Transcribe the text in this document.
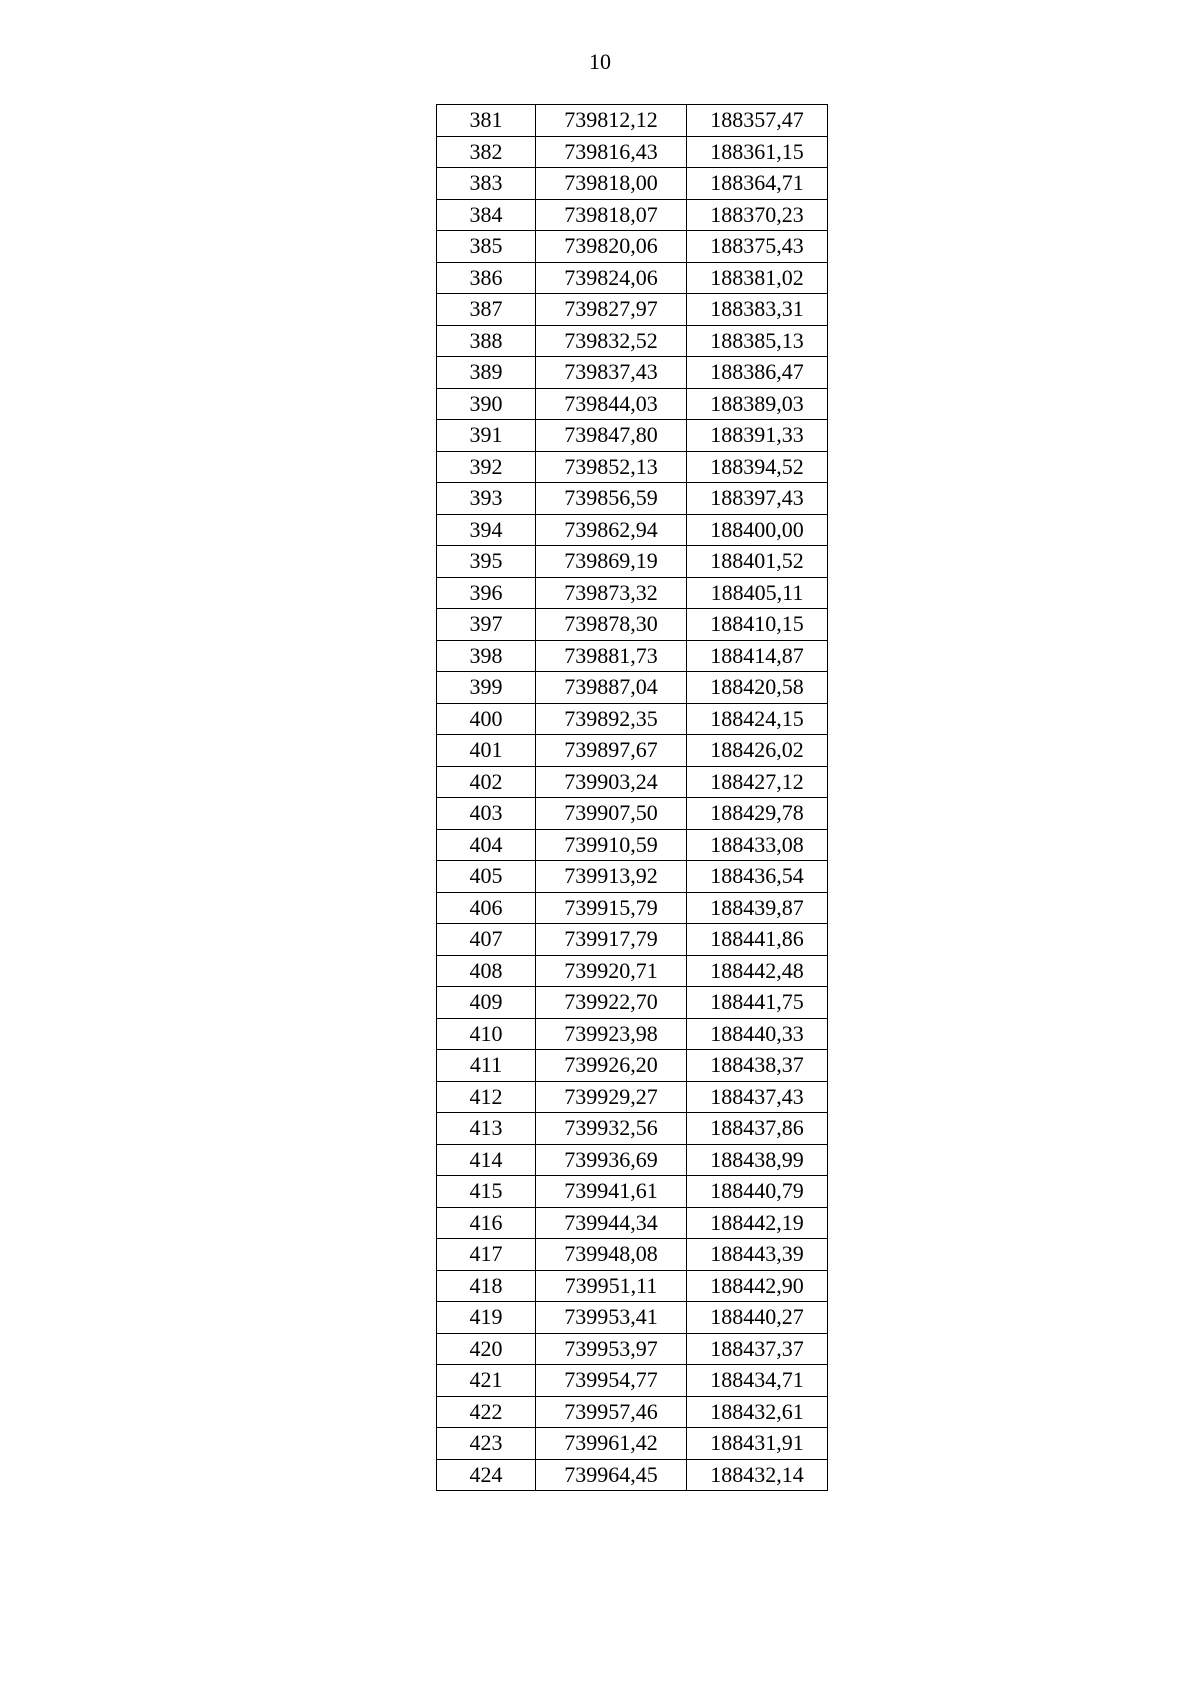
10
381	739812,12	188357,47
382	739816,43	188361,15
383	739818,00	188364,71
384	739818,07	188370,23
385	739820,06	188375,43
386	739824,06	188381,02
387	739827,97	188383,31
388	739832,52	188385,13
389	739837,43	188386,47
390	739844,03	188389,03
391	739847,80	188391,33
392	739852,13	188394,52
393	739856,59	188397,43
394	739862,94	188400,00
395	739869,19	188401,52
396	739873,32	188405,11
397	739878,30	188410,15
398	739881,73	188414,87
399	739887,04	188420,58
400	739892,35	188424,15
401	739897,67	188426,02
402	739903,24	188427,12
403	739907,50	188429,78
404	739910,59	188433,08
405	739913,92	188436,54
406	739915,79	188439,87
407	739917,79	188441,86
408	739920,71	188442,48
409	739922,70	188441,75
410	739923,98	188440,33
411	739926,20	188438,37
412	739929,27	188437,43
413	739932,56	188437,86
414	739936,69	188438,99
415	739941,61	188440,79
416	739944,34	188442,19
417	739948,08	188443,39
418	739951,11	188442,90
419	739953,41	188440,27
420	739953,97	188437,37
421	739954,77	188434,71
422	739957,46	188432,61
423	739961,42	188431,91
424	739964,45	188432,14
